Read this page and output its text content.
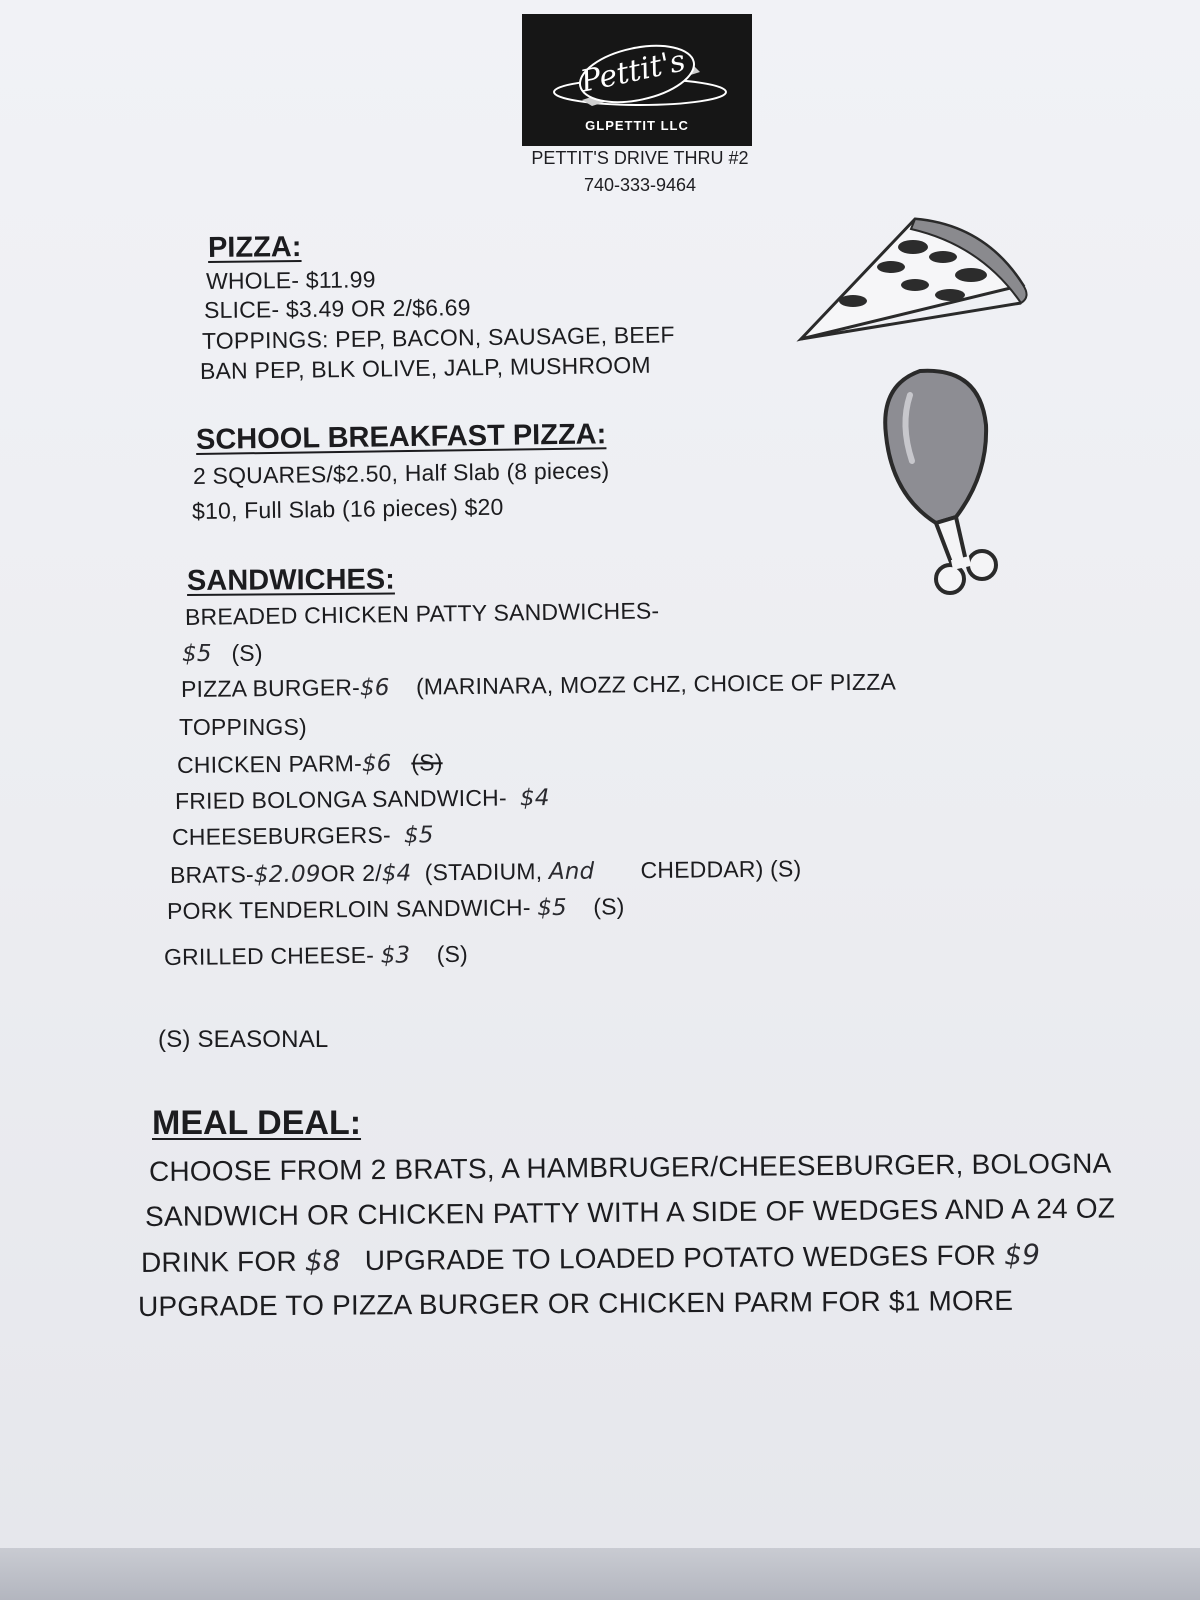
Pettit's
GLPETTIT LLC
PETTIT'S DRIVE THRU #2
740-333-9464
PIZZA:
WHOLE- $11.99
SLICE- $3.49 OR 2/$6.69
TOPPINGS: PEP, BACON, SAUSAGE, BEEF
BAN PEP, BLK OLIVE, JALP, MUSHROOM
SCHOOL BREAKFAST PIZZA:
2 SQUARES/$2.50, Half Slab (8 pieces)
$10, Full Slab (16 pieces) $20
SANDWICHES:
BREADED CHICKEN PATTY SANDWICHES-
$5 (S)
PIZZA BURGER-$6 (MARINARA, MOZZ CHZ, CHOICE OF PIZZA
TOPPINGS)
CHICKEN PARM-$6 (S)
FRIED BOLONGA SANDWICH- $4
CHEESEBURGERS- $5
BRATS-$2.09OR 2/$4 (STADIUM, And CHEDDAR) (S)
PORK TENDERLOIN SANDWICH- $5 (S)
GRILLED CHEESE- $3 (S)
(S) SEASONAL
MEAL DEAL:
CHOOSE FROM 2 BRATS, A HAMBRUGER/CHEESEBURGER, BOLOGNA
SANDWICH OR CHICKEN PATTY WITH A SIDE OF WEDGES AND A 24 OZ
DRINK FOR $8 UPGRADE TO LOADED POTATO WEDGES FOR $9
UPGRADE TO PIZZA BURGER OR CHICKEN PARM FOR $1 MORE
